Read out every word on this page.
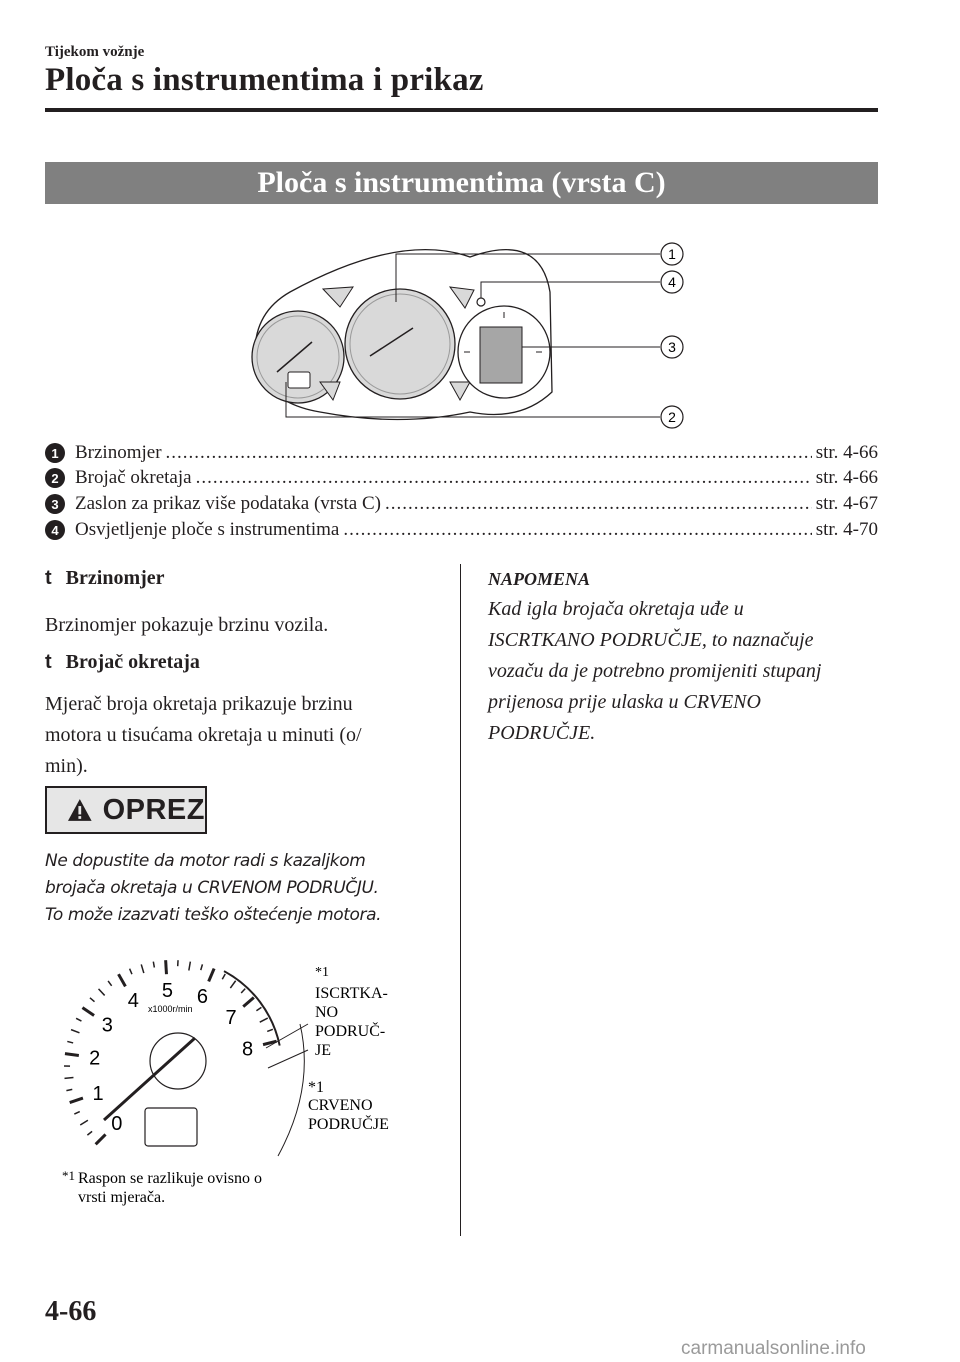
Tijekom vožnje
Ploča s instrumentima i prikaz
Ploča s instrumentima (vrsta C)
1
4
3
2
1 Brzinomjer .....	str. 4-66
2 Brojač okretaja .....	str. 4-66
3 Zaslon za prikaz više podataka (vrsta C) .....	str. 4-67
4 Osvjetljenje ploče s instrumentima .....	str. 4-70
t Brzinomjer
Brzinomjer pokazuje brzinu vozila.
t Brojač okretaja
Mjerač broja okretaja prikazuje brzinu
motora u tisućama okretaja u minuti (o/
min).
OPREZ
Ne dopustite da motor radi s kazaljkom
brojača okretaja u CRVENOM PODRUČJU.
To može izazvati teško oštećenje motora.
0
1
2
3
4 5 6
7
8
x1000r/min
*1
ISCRTKA-
NO
PODRUČ-
JE
*1
CRVENO
PODRUČJE
*1 Raspon se razlikuje ovisno o
vrsti mjerača.
NAPOMENA
Kad igla brojača okretaja uđe u
ISCRTKANO PODRUČJE, to naznačuje
vozaču da je potrebno promijeniti stupanj
prijenosa prije ulaska u CRVENO
PODRUČJE.
4-66
carmanualsonline.info
